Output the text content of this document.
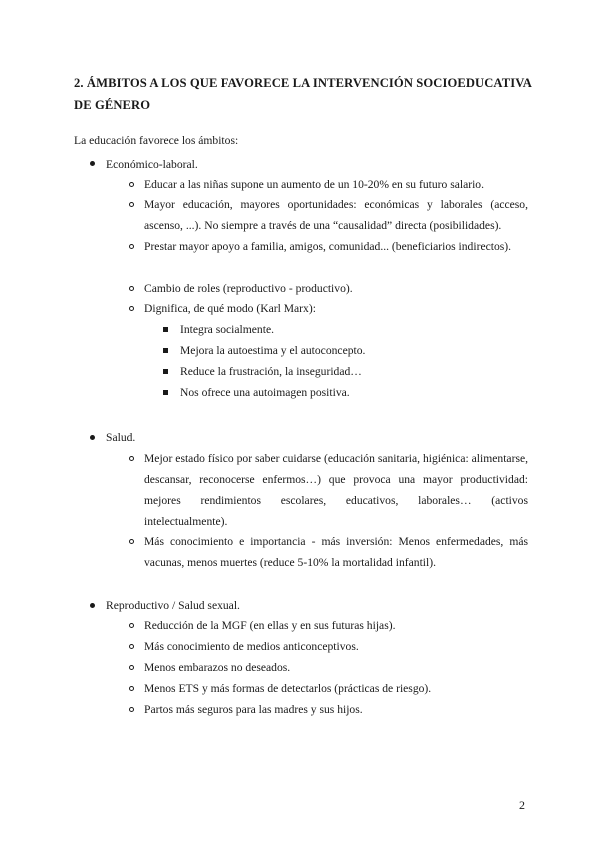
2. ÁMBITOS A LOS QUE FAVORECE LA INTERVENCIÓN SOCIOEDUCATIVA
DE GÉNERO
La educación favorece los ámbitos:
Económico-laboral.
Educar a las niñas supone un aumento de un 10-20% en su futuro salario.
Mayor educación, mayores oportunidades: económicas y laborales (acceso, ascenso, ...). No siempre a través de una “causalidad” directa (posibilidades).
Prestar mayor apoyo a familia, amigos, comunidad... (beneficiarios indirectos).
Cambio de roles (reproductivo - productivo).
Dignifica, de qué modo (Karl Marx):
Integra socialmente.
Mejora la autoestima y el autoconcepto.
Reduce la frustración, la inseguridad…
Nos ofrece una autoimagen positiva.
Salud.
Mejor estado físico por saber cuidarse (educación sanitaria, higiénica: alimentarse, descansar, reconocerse enfermos…) que provoca una mayor productividad: mejores rendimientos escolares, educativos, laborales… (activos intelectualmente).
Más conocimiento e importancia - más inversión: Menos enfermedades, más vacunas, menos muertes (reduce 5-10% la mortalidad infantil).
Reproductivo / Salud sexual.
Reducción de la MGF (en ellas y en sus futuras hijas).
Más conocimiento de medios anticonceptivos.
Menos embarazos no deseados.
Menos ETS y más formas de detectarlos (prácticas de riesgo).
Partos más seguros para las madres y sus hijos.
2
